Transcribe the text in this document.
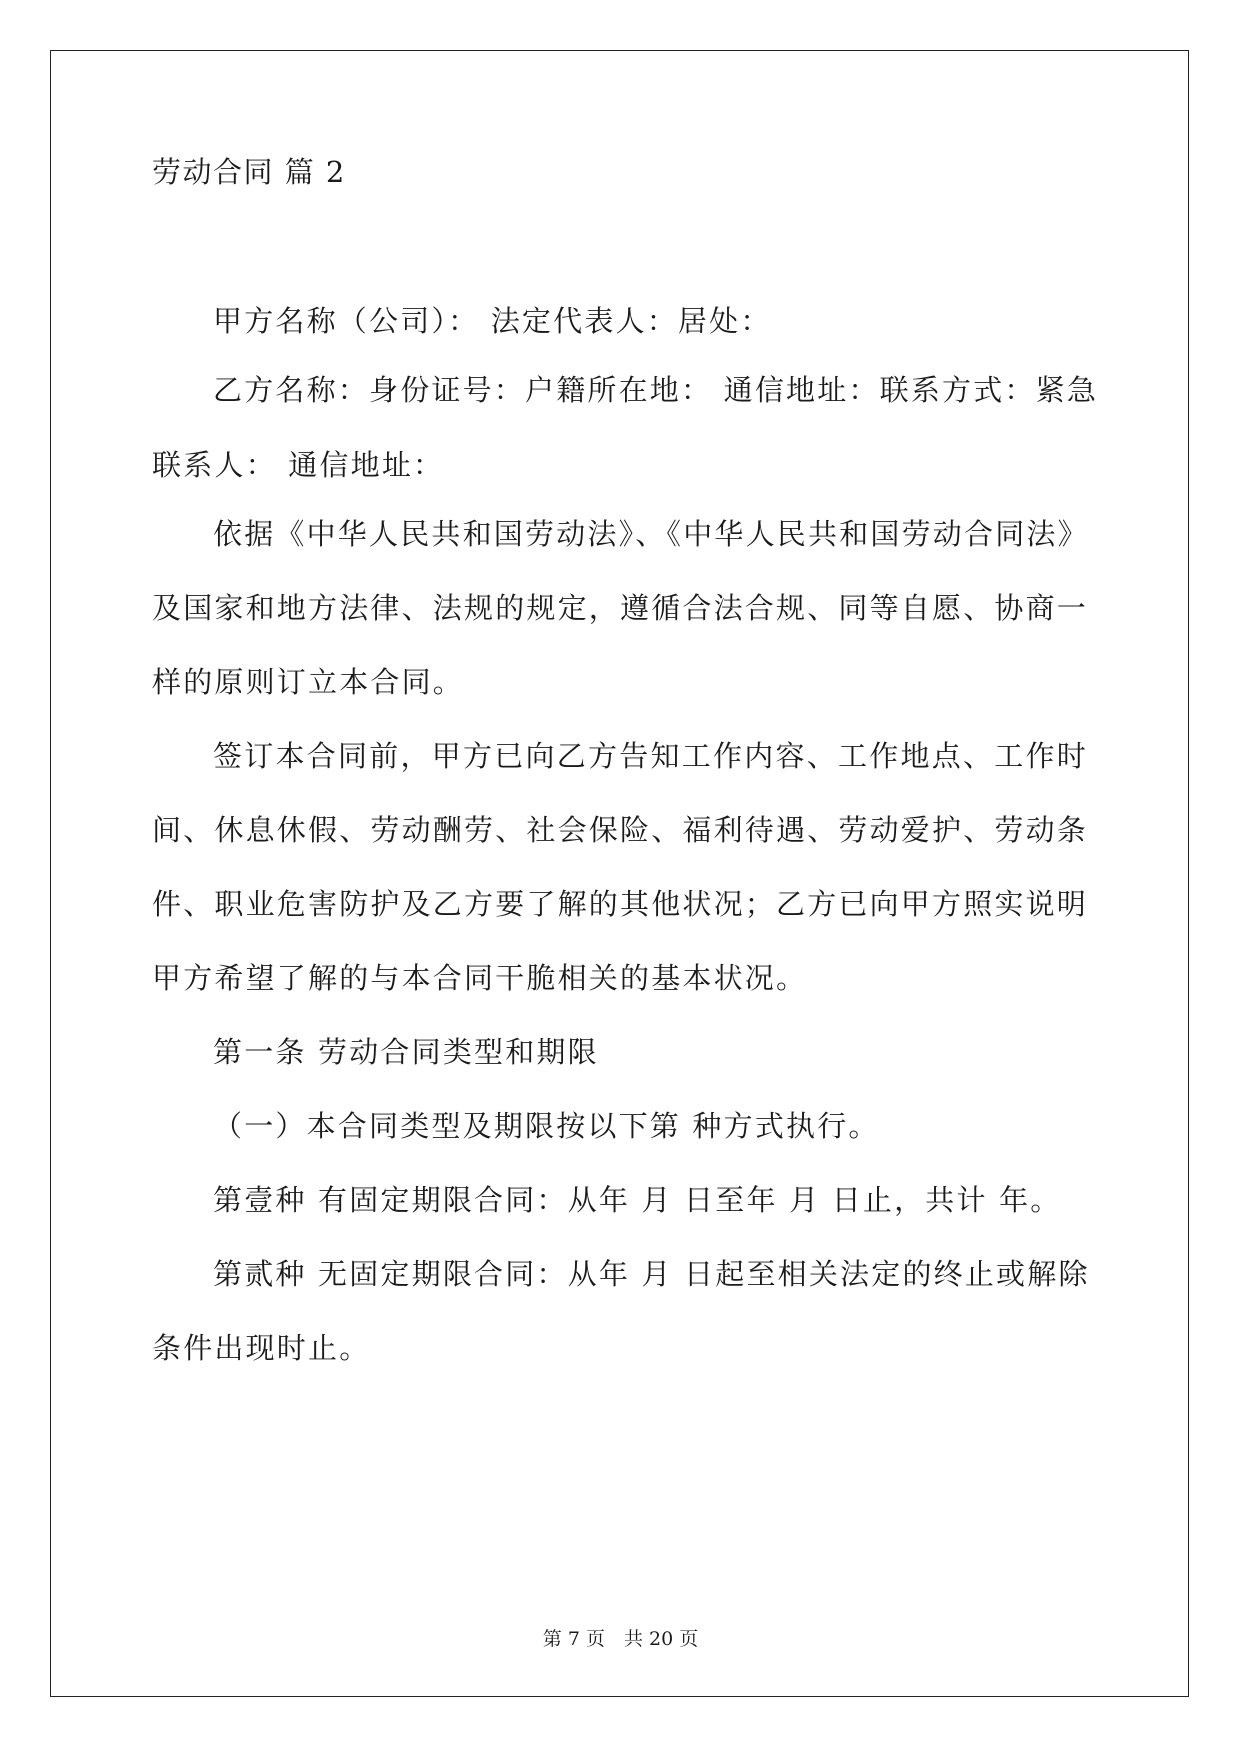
劳动合同 篇 2
甲方名称（公司）： 法定代表人：居处：
乙方名称：身份证号：户籍所在地： 通信地址：联系方式：紧急
联系人： 通信地址：
依据《中华人民共和国劳动法》、《中华人民共和国劳动合同法》
及国家和地方法律、法规的规定，遵循合法合规、同等自愿、协商一
样的原则订立本合同。
签订本合同前，甲方已向乙方告知工作内容、工作地点、工作时
间、休息休假、劳动酬劳、社会保险、福利待遇、劳动爱护、劳动条
件、职业危害防护及乙方要了解的其他状况；乙方已向甲方照实说明
甲方希望了解的与本合同干脆相关的基本状况。
第一条 劳动合同类型和期限
（一）本合同类型及期限按以下第 种方式执行。
第壹种 有固定期限合同：从年 月 日至年 月 日止，共计 年。
第贰种 无固定期限合同：从年 月 日起至相关法定的终止或解除
条件出现时止。
第 7 页　共 20 页
